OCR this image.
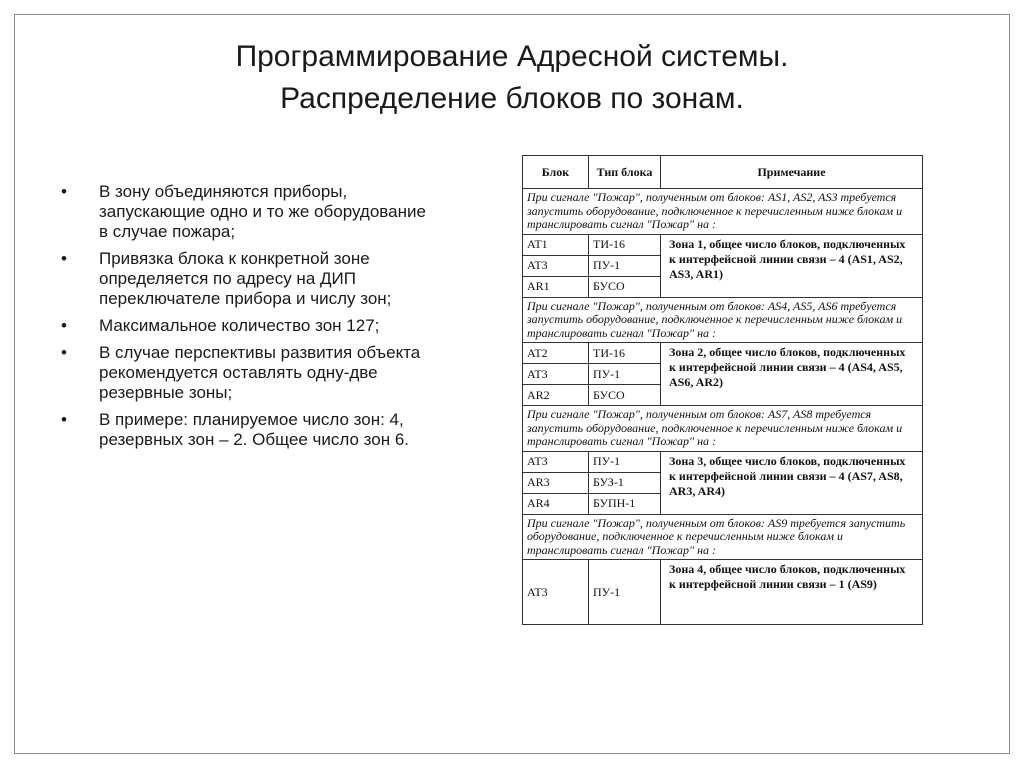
Программирование Адресной системы.
Распределение блоков по зонам.
• В зону объединяются приборы, запускающие одно и то же оборудование в случае пожара;
• Привязка блока к конкретной зоне определяется по адресу на ДИП переключателе прибора и числу зон;
• Максимальное количество зон 127;
• В случае перспективы развития объекта рекомендуется оставлять одну-две резервные зоны;
• В примере: планируемое число зон: 4, резервных зон – 2. Общее число зон 6.
Блок	Тип блока	Примечание
При сигнале "Пожар", полученным от блоков: AS1, AS2, AS3 требуется запустить оборудование, подключенное к перечисленным ниже блокам и транслировать сигнал "Пожар" на :		
AT1	ТИ-16	Зона 1, общее число блоков, подключенных к интерфейсной линии связи – 4 (AS1, AS2, AS3, AR1)
AT3	ПУ-1	
AR1	БУСО	
При сигнале "Пожар", полученным от блоков: AS4, AS5, AS6 требуется запустить оборудование, подключенное к перечисленным ниже блокам и транслировать сигнал "Пожар" на :		
AT2	ТИ-16	Зона 2, общее число блоков, подключенных к интерфейсной линии связи – 4 (AS4, AS5, AS6, AR2)
AT3	ПУ-1	
AR2	БУСО	
При сигнале "Пожар", полученным от блоков: AS7, AS8 требуется запустить оборудование, подключенное к перечисленным ниже блокам и транслировать сигнал "Пожар" на :		
AT3	ПУ-1	Зона 3, общее число блоков, подключенных к интерфейсной линии связи – 4 (AS7, AS8, AR3, AR4)
AR3	БУЗ-1	
AR4	БУПН-1	
При сигнале "Пожар", полученным от блоков: AS9 требуется запустить оборудование, подключенное к перечисленным ниже блокам и транслировать сигнал "Пожар" на :		
AT3	ПУ-1	Зона 4, общее число блоков, подключенных к интерфейсной линии связи – 1 (AS9)
